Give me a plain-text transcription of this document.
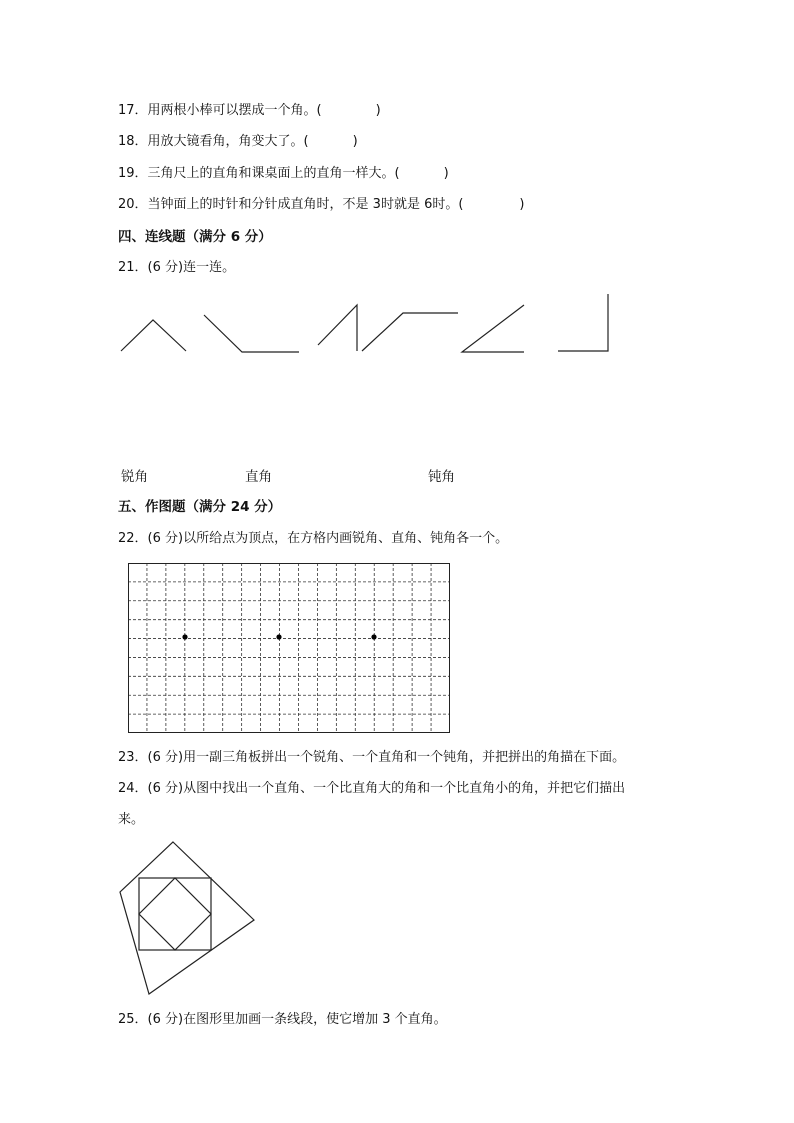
17．用两根小棒可以摆成一个角。(	)
18．用放大镜看角，角变大了。(	)
19．三角尺上的直角和课桌面上的直角一样大。(	)
20．当钟面上的时针和分针成直角时，不是 3时就是 6时。(	)
四、连线题（满分 6 分）
21．(6 分)连一连。
锐角	直角	钝角
五、作图题（满分 24 分）
22．(6 分)以所给点为顶点，在方格内画锐角、直角、钝角各一个。
23．(6 分)用一副三角板拼出一个锐角、一个直角和一个钝角，并把拼出的角描在下面。
24．(6 分)从图中找出一个直角、一个比直角大的角和一个比直角小的角，并把它们描出
来。
25．(6 分)在图形里加画一条线段，使它增加 3 个直角。
